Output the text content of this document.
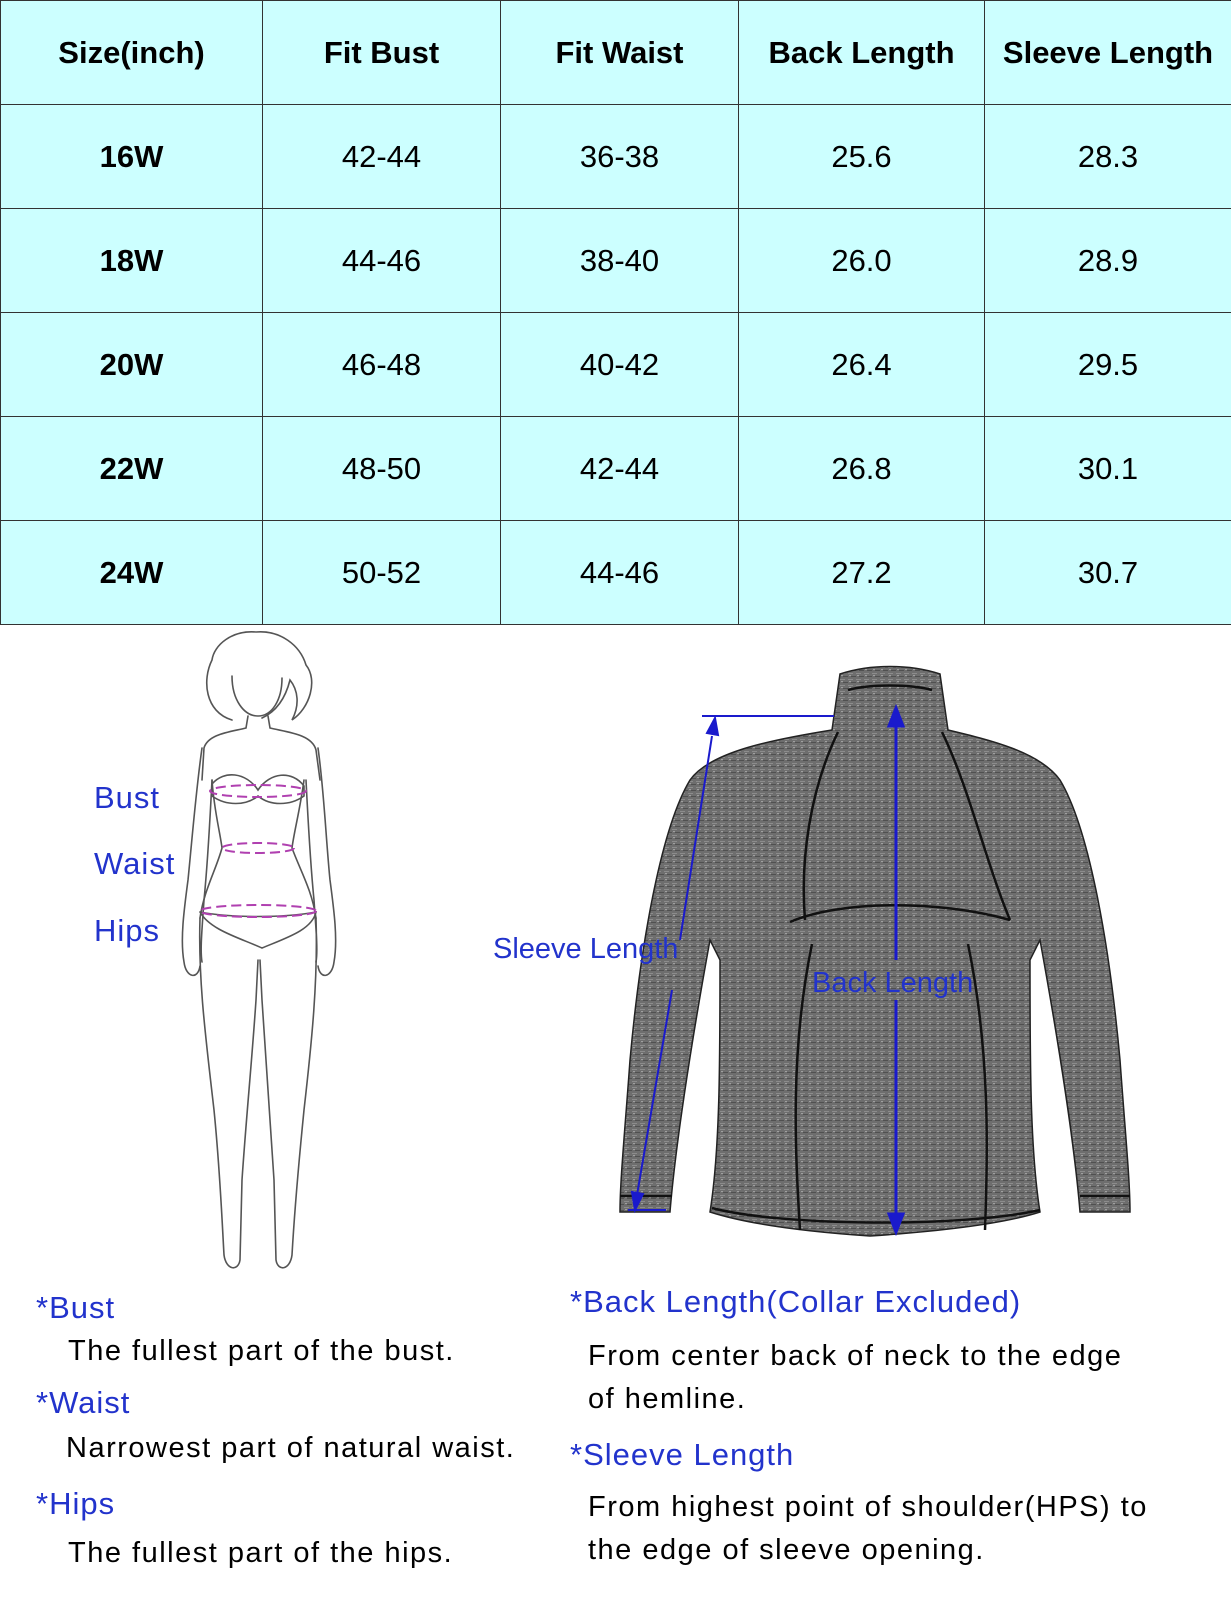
Size(inch)	Fit Bust	Fit Waist	Back Length	Sleeve Length
16W	42-44	36-38	25.6	28.3
18W	44-46	38-40	26.0	28.9
20W	46-48	40-42	26.4	29.5
22W	48-50	42-44	26.8	30.1
24W	50-52	44-46	27.2	30.7
Bust
Waist
Hips
Sleeve Length
Back Length
*Bust
The fullest part of the bust.
*Waist
Narrowest part of natural waist.
*Hips
The fullest part of the hips.
*Back Length(Collar Excluded)
From center back of neck to the edge
of hemline.
*Sleeve Length
From highest point of shoulder(HPS) to
the edge of sleeve opening.
